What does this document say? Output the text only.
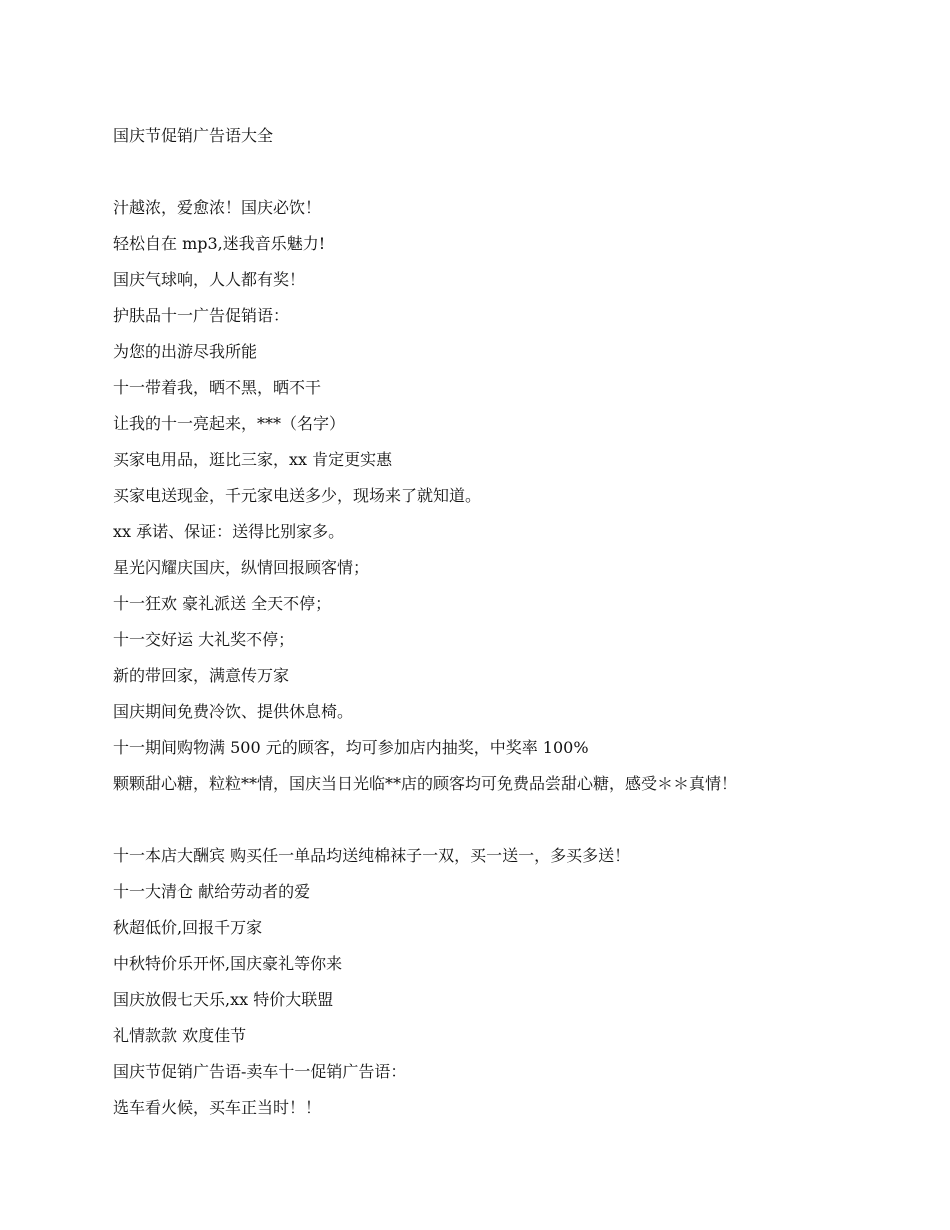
国庆节促销广告语大全
汁越浓，爱愈浓！国庆必饮！
轻松自在 mp3,迷我音乐魅力!
国庆气球响，人人都有奖！
护肤品十一广告促销语：
为您的出游尽我所能
十一带着我，晒不黑，晒不干
让我的十一亮起来，***（名字）
买家电用品，逛比三家，xx 肯定更实惠
买家电送现金，千元家电送多少，现场来了就知道。
xx 承诺、保证：送得比别家多。
星光闪耀庆国庆，纵情回报顾客情；
十一狂欢 豪礼派送 全天不停；
十一交好运 大礼奖不停；
新的带回家，满意传万家
国庆期间免费冷饮、提供休息椅。
十一期间购物满 500 元的顾客，均可参加店内抽奖，中奖率 100%
颗颗甜心糖，粒粒**情，国庆当日光临**店的顾客均可免费品尝甜心糖，感受＊＊真情！
十一本店大酬宾 购买任一单品均送纯棉袜子一双，买一送一，多买多送！
十一大清仓 献给劳动者的爱
秋超低价,回报千万家
中秋特价乐开怀,国庆豪礼等你来
国庆放假七天乐,xx 特价大联盟
礼情款款 欢度佳节
国庆节促销广告语-卖车十一促销广告语：
选车看火候，买车正当时！！
